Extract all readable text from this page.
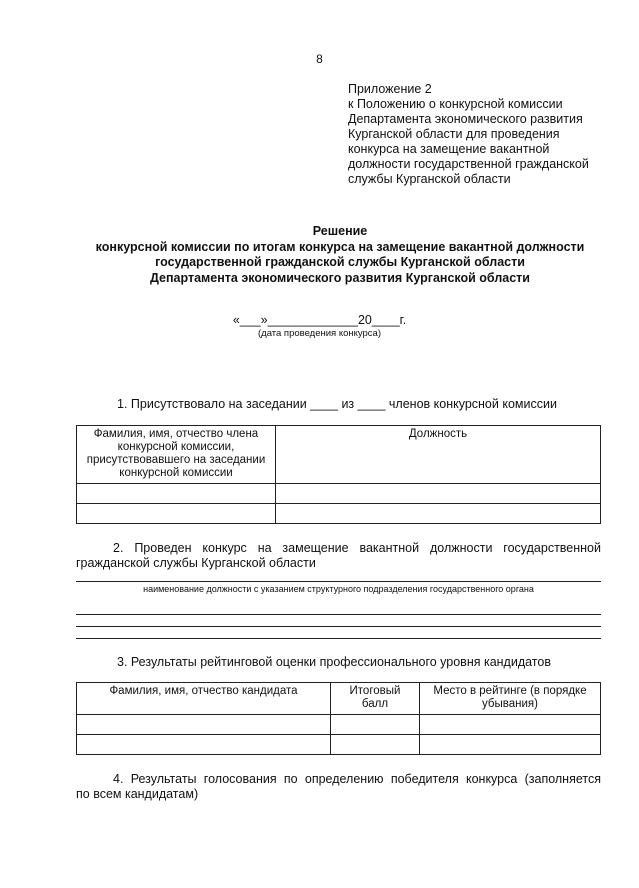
8
Приложение 2
к Положению о конкурсной комиссии
Департамента экономического развития
Курганской области для проведения
конкурса на замещение вакантной
должности государственной гражданской
службы Курганской области
Решение
конкурсной комиссии по итогам конкурса на замещение вакантной должности
государственной гражданской службы Курганской области
Департамента экономического развития Курганской области
«___»_____________20____г.
(дата проведения конкурса)
1. Присутствовало на заседании ____ из ____ членов конкурсной комиссии
Фамилия, имя, отчество члена конкурсной комиссии, присутствовавшего на заседании конкурсной комиссии	Должность

2. Проведен конкурс на замещение вакантной должности государственной
гражданской службы Курганской области
наименование должности с указанием структурного подразделения государственного органа
3. Результаты рейтинговой оценки профессионального уровня кандидатов
Фамилия, имя, отчество кандидата	Итоговый балл	Место в рейтинге (в порядке убывания)

4. Результаты голосования по определению победителя конкурса (заполняется
по всем кандидатам)
